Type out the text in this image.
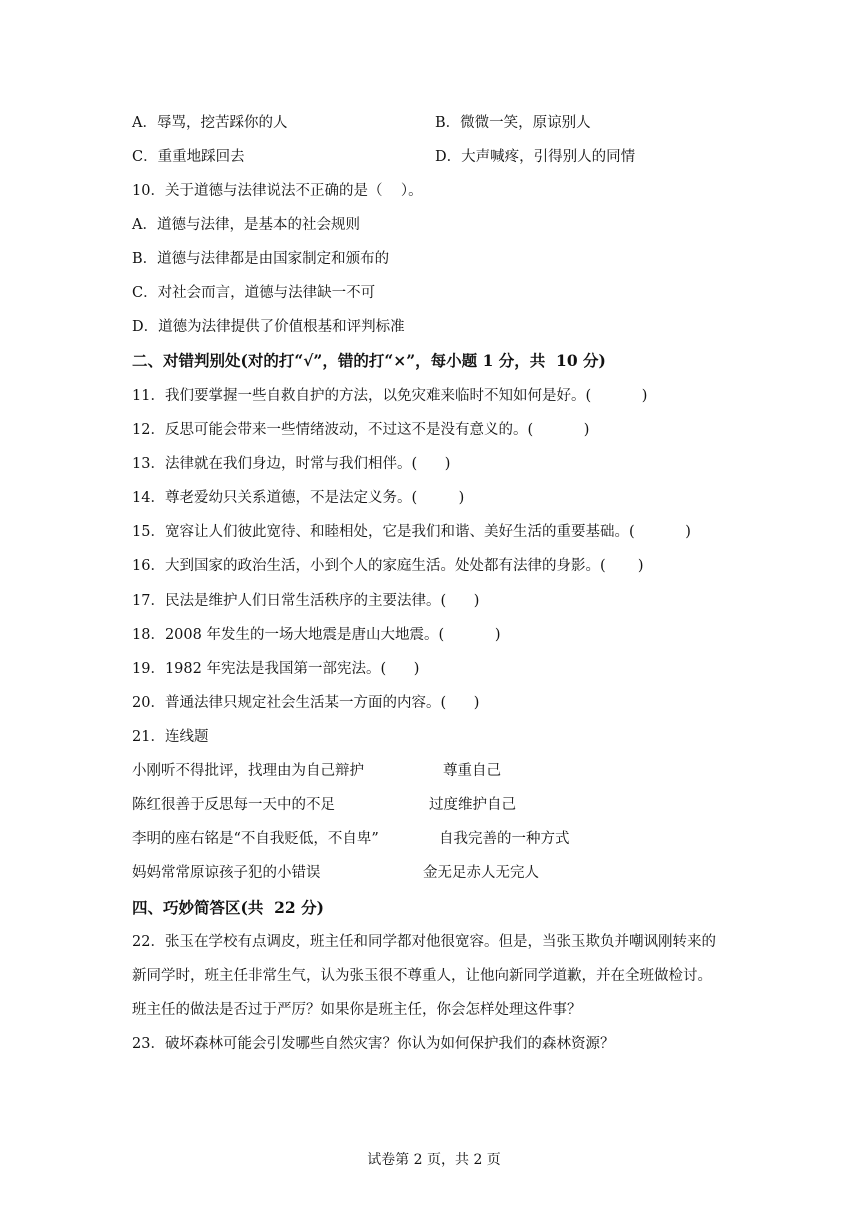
A．辱骂，挖苦踩你的人	B．微微一笑，原谅别人
C．重重地踩回去	D．大声喊疼，引得别人的同情
10．关于道德与法律说法不正确的是（    ）。
A．道德与法律，是基本的社会规则
B．道德与法律都是由国家制定和颁布的
C．对社会而言，道德与法律缺一不可
D．道德为法律提供了价值根基和评判标准
二、对错判别处(对的打“√”，错的打“×”，每小题 1 分，共  10 分)
11．我们要掌握一些自救自护的方法，以免灾难来临时不知如何是好。(           )
12．反思可能会带来一些情绪波动，不过这不是没有意义的。(           )
13．法律就在我们身边，时常与我们相伴。(      )
14．尊老爱幼只关系道德，不是法定义务。(         )
15．宽容让人们彼此宽待、和睦相处，它是我们和谐、美好生活的重要基础。(           )
16．大到国家的政治生活，小到个人的家庭生活。处处都有法律的身影。(       )
17．民法是维护人们日常生活秩序的主要法律。(      )
18．2008 年发生的一场大地震是唐山大地震。(           )
19．1982 年宪法是我国第一部宪法。(      )
20．普通法律只规定社会生活某一方面的内容。(      )
21．连线题
小刚听不得批评，找理由为自己辩护	尊重自己
陈红很善于反思每一天中的不足	过度维护自己
李明的座右铭是“不自我贬低，不自卑”	自我完善的一种方式
妈妈常常原谅孩子犯的小错误	金无足赤人无完人
四、巧妙简答区(共  22 分)
22．张玉在学校有点调皮，班主任和同学都对他很宽容。但是，当张玉欺负并嘲讽刚转来的
新同学时，班主任非常生气，认为张玉很不尊重人，让他向新同学道歉，并在全班做检讨。
班主任的做法是否过于严厉？如果你是班主任，你会怎样处理这件事？
23．破坏森林可能会引发哪些自然灾害？你认为如何保护我们的森林资源？
试卷第 2 页，共 2 页
